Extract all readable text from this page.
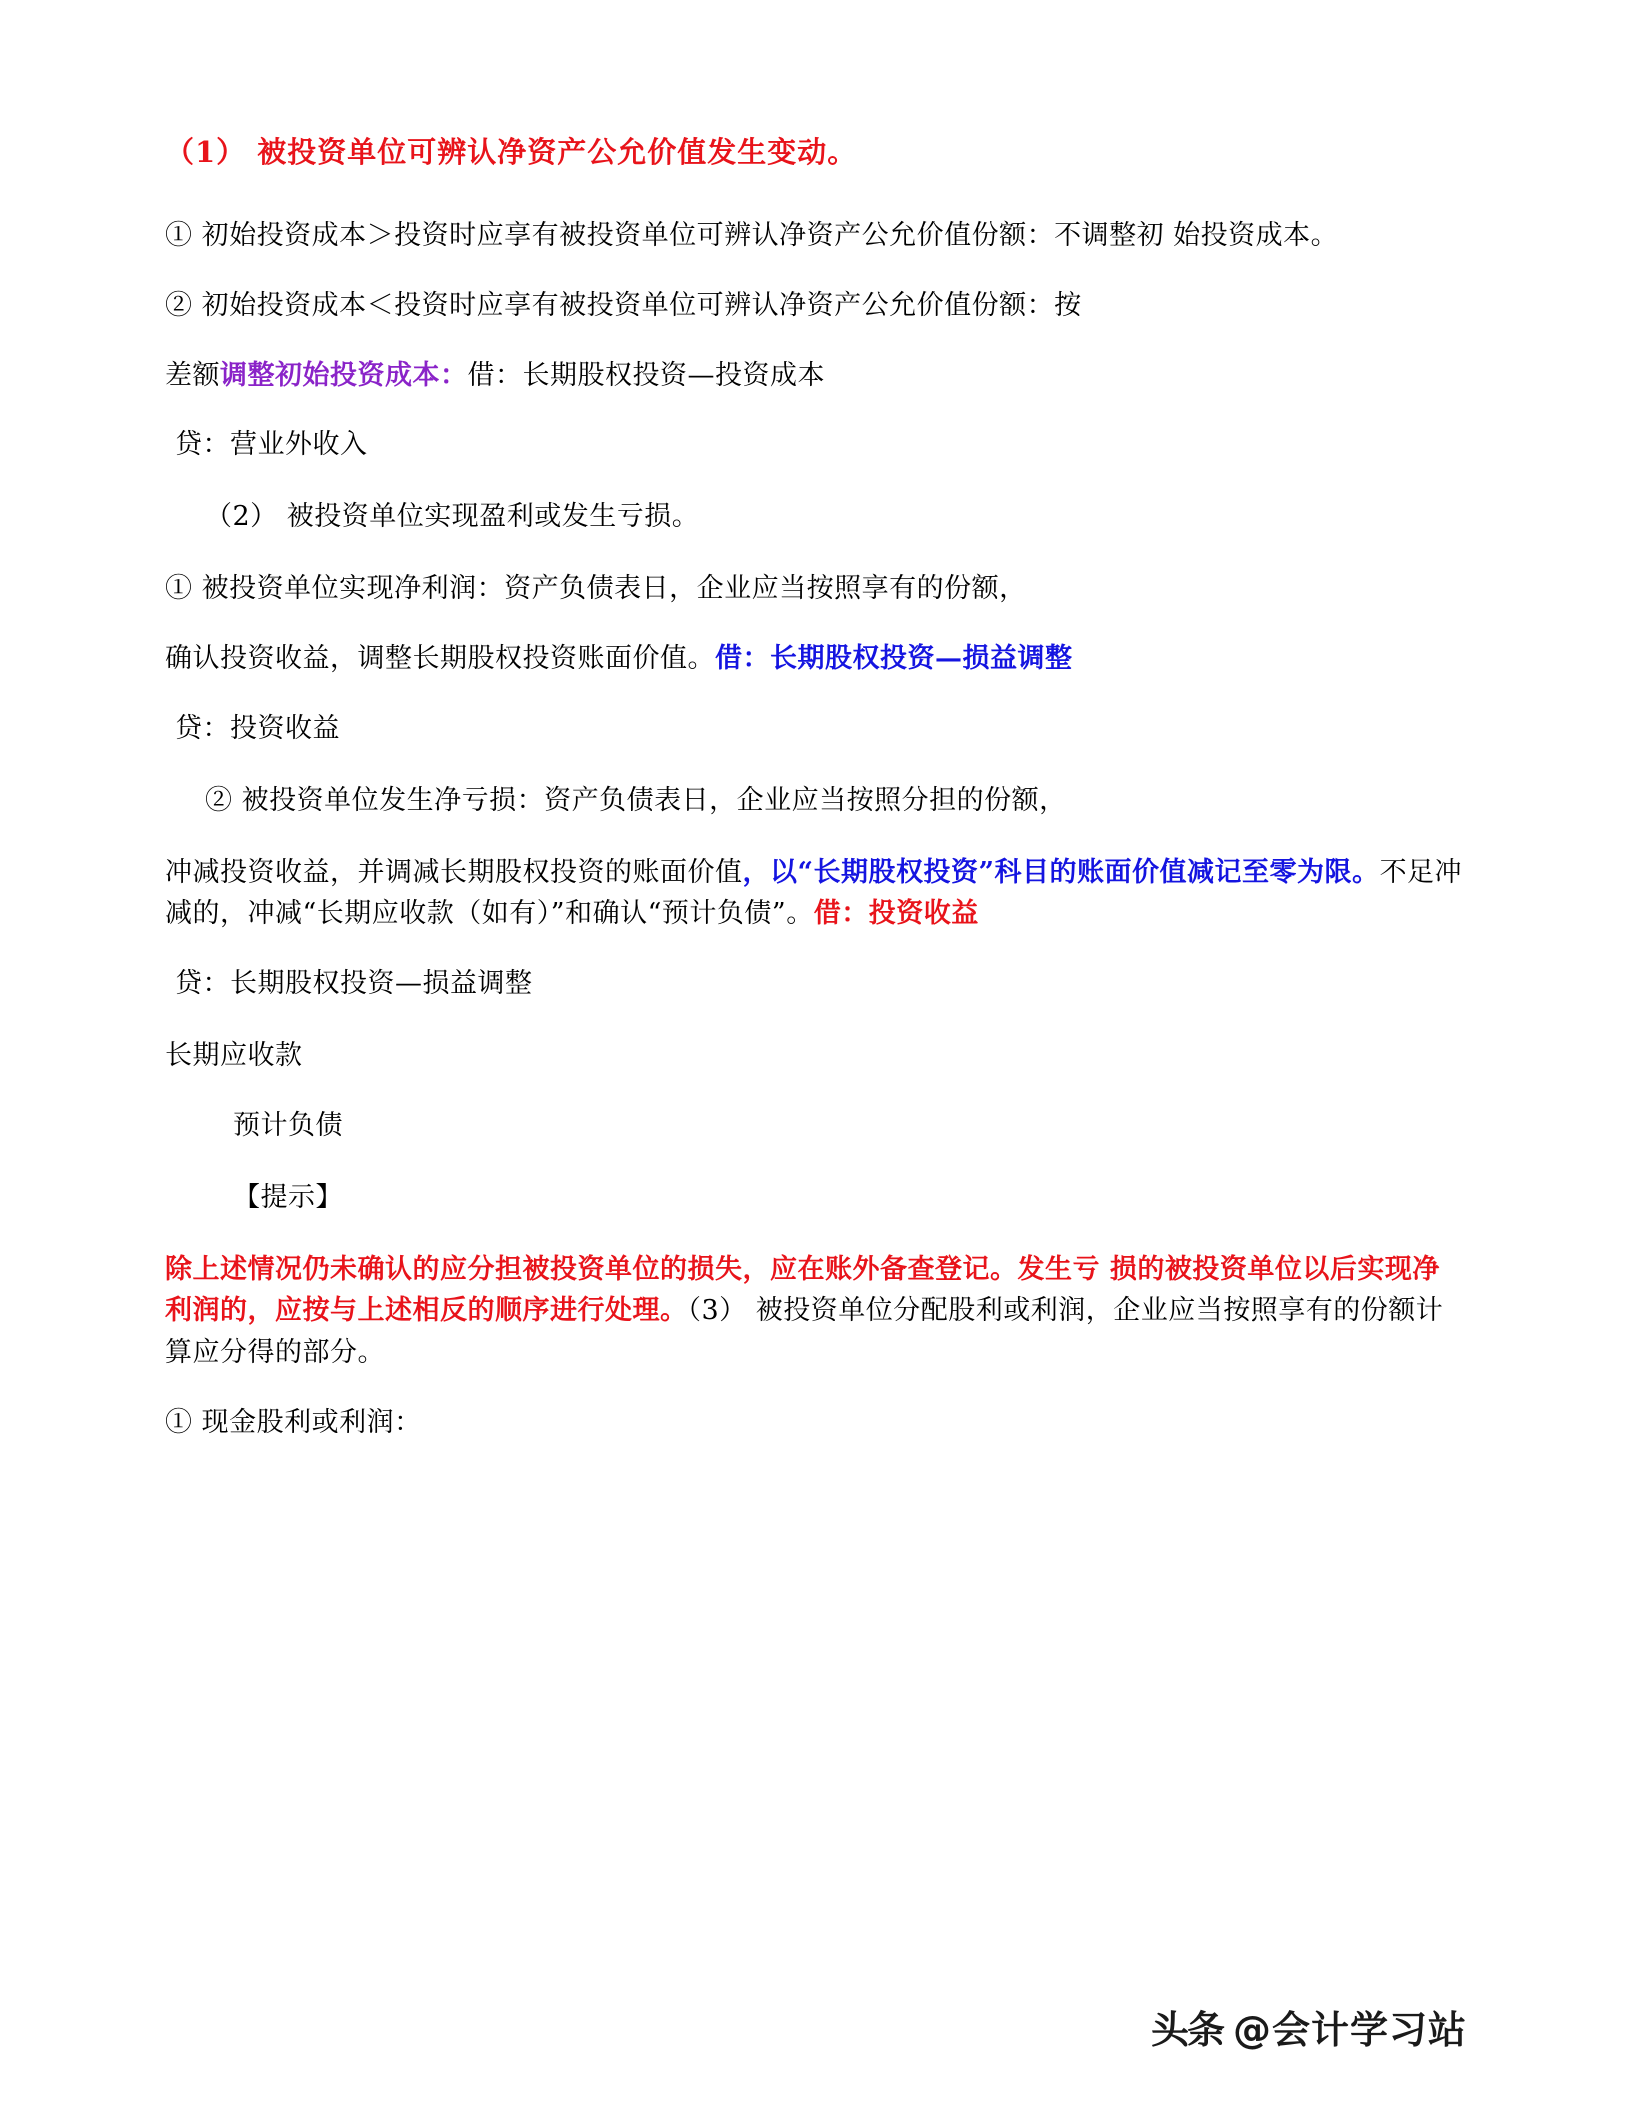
（1） 被投资单位可辨认净资产公允价值发生变动。

① 初始投资成本＞投资时应享有被投资单位可辨认净资产公允价值份额：不调整初 始投资成本。

② 初始投资成本＜投资时应享有被投资单位可辨认净资产公允价值份额：按

差额调整初始投资成本：借：长期股权投资—投资成本

贷：营业外收入

（2） 被投资单位实现盈利或发生亏损。

① 被投资单位实现净利润：资产负债表日，企业应当按照享有的份额，

确认投资收益，调整长期股权投资账面价值。借：长期股权投资—损益调整

贷：投资收益

② 被投资单位发生净亏损：资产负债表日，企业应当按照分担的份额，

冲减投资收益，并调减长期股权投资的账面价值，以“长期股权投资”科目的账面价值减记至零为限。不足冲减的，冲减“长期应收款（如有）”和确认“预计负债”。借：投资收益

贷：长期股权投资—损益调整

长期应收款

预计负债

【提示】

除上述情况仍未确认的应分担被投资单位的损失，应在账外备查登记。发生亏 损的被投资单位以后实现净利润的，应按与上述相反的顺序进行处理。（3） 被投资单位分配股利或利润，企业应当按照享有的份额计算应分得的部分。

① 现金股利或利润：

头条 @会计学习站
